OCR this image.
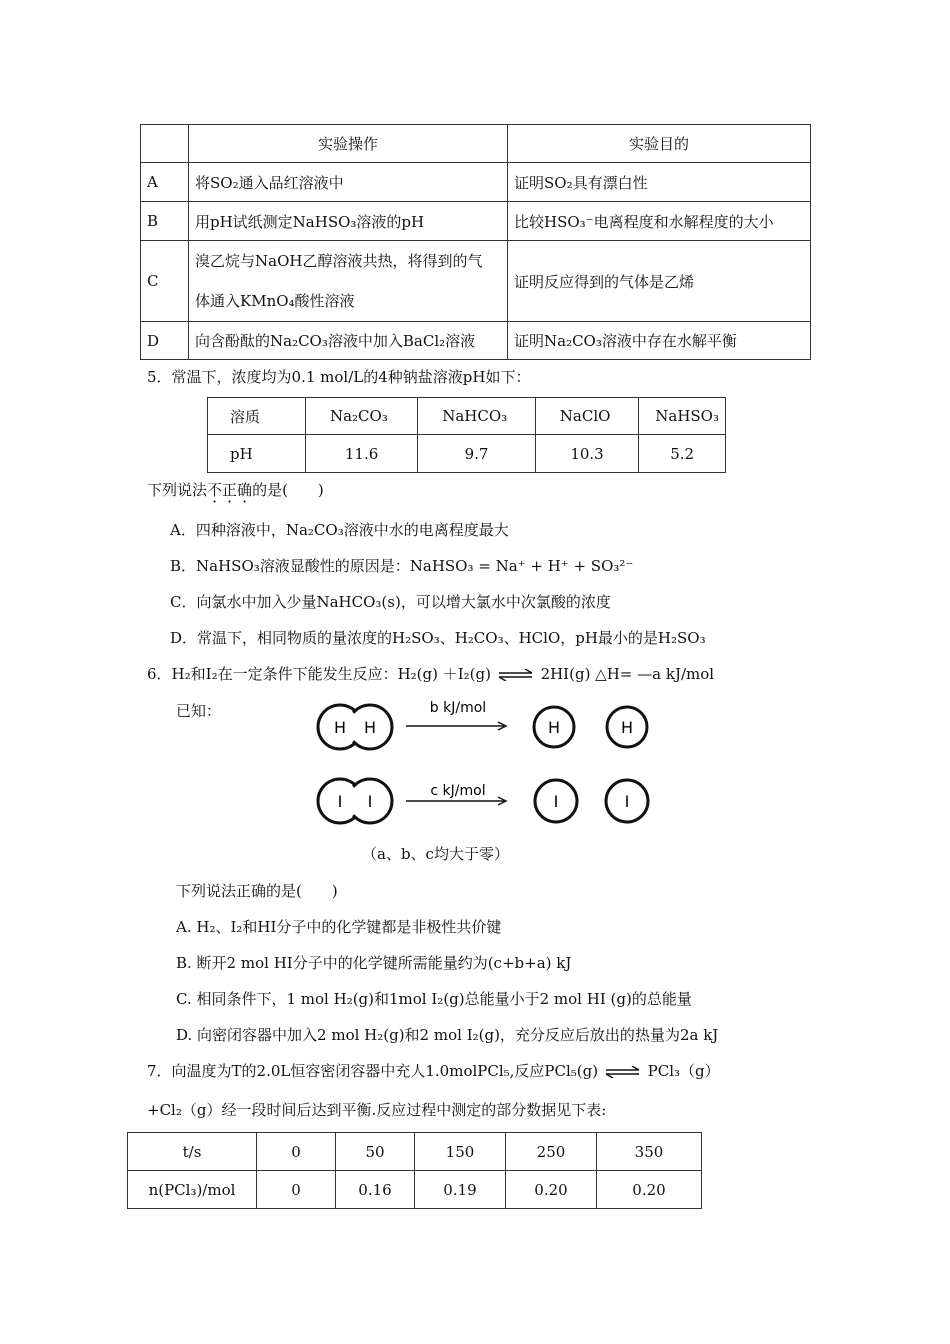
	实验操作	实验目的
A	将SO₂通入品红溶液中	证明SO₂具有漂白性
B	用pH试纸测定NaHSO₃溶液的pH	比较HSO₃⁻电离程度和水解程度的大小
C	溴乙烷与NaOH乙醇溶液共热，将得到的气
体通入KMnO₄酸性溶液	证明反应得到的气体是乙烯
D	向含酚酞的Na₂CO₃溶液中加入BaCl₂溶液	证明Na₂CO₃溶液中存在水解平衡
5．常温下，浓度均为0.1 mol/L的4种钠盐溶液pH如下：
溶质	Na₂CO₃	NaHCO₃	NaClO	NaHSO₃
pH	11.6	9.7	10.3	5.2
下列说法不正确的是(　　)
A．四种溶液中，Na₂CO₃溶液中水的电离程度最大
B．NaHSO₃溶液显酸性的原因是：NaHSO₃ = Na⁺ + H⁺ + SO₃²⁻
C．向氯水中加入少量NaHCO₃(s)，可以增大氯水中次氯酸的浓度
D．常温下，相同物质的量浓度的H₂SO₃、H₂CO₃、HClO，pH最小的是H₂SO₃
6．H₂和I₂在一定条件下能发生反应：H₂(g) ＋I₂(g) ⇌ 2HI(g) △H= —a kJ/mol
已知：
H H
b kJ/mol
H	H
I I
c kJ/mol
I	I
（a、b、c均大于零）
下列说法正确的是(　　)
A. H₂、I₂和HI分子中的化学键都是非极性共价键
B. 断开2 mol HI分子中的化学键所需能量约为(c+b+a) kJ
C. 相同条件下，1 mol H₂(g)和1mol I₂(g)总能量小于2 mol HI (g)的总能量
D. 向密闭容器中加入2 mol H₂(g)和2 mol I₂(g)，充分反应后放出的热量为2a kJ
7．向温度为T的2.0L恒容密闭容器中充人1.0molPCl₅,反应PCl₅(g) ⇌ PCl₃（g）
+Cl₂（g）经一段时间后达到平衡.反应过程中测定的部分数据见下表:
t/s	0	50	150	250	350
n(PCl₃)/mol	0	0.16	0.19	0.20	0.20
